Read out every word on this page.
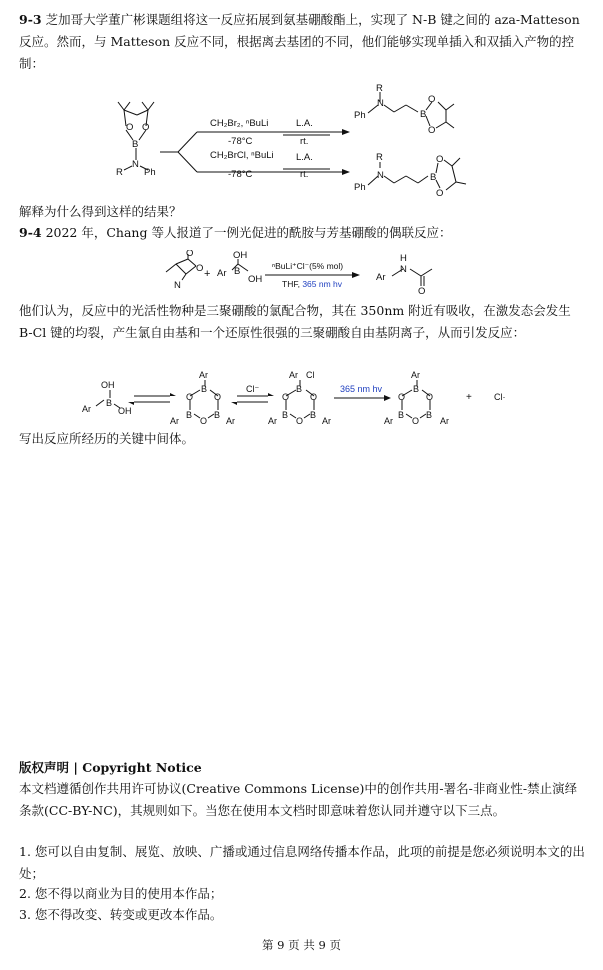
9-3 芝加哥大学董广彬课题组将这一反应拓展到氨基硼酸酯上，实现了 N-B 键之间的 aza-Matteson 反应。然而，与 Matteson 反应不同，根据离去基团的不同，他们能够实现单插入和双插入产物的控制：
O O
B
N
R Ph
CH₂Br₂, ⁿBuLi
-78°C
L.A.
rt.
CH₂BrCl, ⁿBuLi
-78°C
L.A.
rt.
R
N
Ph	B
O
O
R
N
Ph
B
O
O
解释为什么得到这样的结果？
9-4 2022 年，Chang 等人报道了一例光促进的酰胺与芳基硼酸的偶联反应：
O
N
O
+
OH
Ar B
OH
ⁿBuLi⁺Cl⁻(5% mol)
THF, 365 nm hv
Ar
H
N
O
他们认为，反应中的光活性物种是三聚硼酸的氯配合物，其在 350nm 附近有吸收，在激发态会发生 B-Cl 键的均裂，产生氯自由基和一个还原性很强的三聚硼酸自由基阴离子，从而引发反应：
OH
Ar
B
OH
Ar
B
O O
B B
O
Ar	Ar
Cl⁻
Ar Cl
B
O O
B B
O
Ar	Ar
365 nm hv
Ar
B
O O
B B
O
Ar	Ar
+ Cl·
写出反应所经历的关键中间体。
版权声明 | Copyright Notice
本文档遵循创作共用许可协议(Creative Commons License)中的创作共用-署名-非商业性-禁止演绎条款(CC-BY-NC)，其规则如下。当您在使用本文档时即意味着您认同并遵守以下三点。
1. 您可以自由复制、展览、放映、广播或通过信息网络传播本作品，此项的前提是您必须说明本文的出处；
2. 您不得以商业为目的使用本作品；
3. 您不得改变、转变或更改本作品。
第 9 页 共 9 页
